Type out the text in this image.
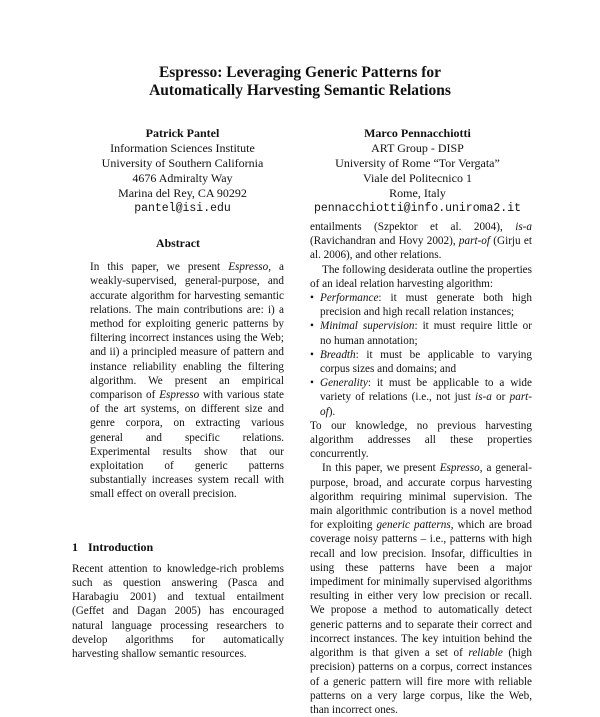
Espresso: Leveraging Generic Patterns for
Automatically Harvesting Semantic Relations
Patrick Pantel
Information Sciences Institute
University of Southern California
4676 Admiralty Way
Marina del Rey, CA 90292
pantel@isi.edu
Marco Pennacchiotti
ART Group - DISP
University of Rome “Tor Vergata”
Viale del Politecnico 1
Rome, Italy
pennacchiotti@info.uniroma2.it
Abstract

In this paper, we present Espresso, a weakly-supervised, general-purpose, and accurate algorithm for harvesting semantic relations. The main contributions are: i) a method for exploiting generic patterns by filtering incorrect instances using the Web; and ii) a principled measure of pattern and instance reliability enabling the filtering algorithm. We present an empirical comparison of Espresso with various state of the art systems, on different size and genre corpora, on extracting various general and specific relations. Experimental results show that our exploitation of generic patterns substantially increases system recall with small effect on overall precision.

1 Introduction

Recent attention to knowledge-rich problems such as question answering (Pasca and Harabagiu 2001) and textual entailment (Geffet and Dagan 2005) has encouraged natural language processing researchers to develop algorithms for automatically harvesting shallow semantic resources.

entailments (Szpektor et al. 2004), is-a (Ravichandran and Hovy 2002), part-of (Girju et al. 2006), and other relations.

The following desiderata outline the properties of an ideal relation harvesting algorithm:

• Performance: it must generate both high precision and high recall relation instances;
• Minimal supervision: it must require little or no human annotation;
• Breadth: it must be applicable to varying corpus sizes and domains; and
• Generality: it must be applicable to a wide variety of relations (i.e., not just is-a or part-of).

To our knowledge, no previous harvesting algorithm addresses all these properties concurrently.

In this paper, we present Espresso, a general-purpose, broad, and accurate corpus harvesting algorithm requiring minimal supervision. The main algorithmic contribution is a novel method for exploiting generic patterns, which are broad coverage noisy patterns – i.e., patterns with high recall and low precision. Insofar, difficulties in using these patterns have been a major impediment for minimally supervised algorithms resulting in either very low precision or recall. We propose a method to automatically detect generic patterns and to separate their correct and incorrect instances. The key intuition behind the algorithm is that given a set of reliable (high precision) patterns on a corpus, correct instances of a generic pattern will fire more with reliable patterns on a very large corpus, like the Web, than incorrect ones.
